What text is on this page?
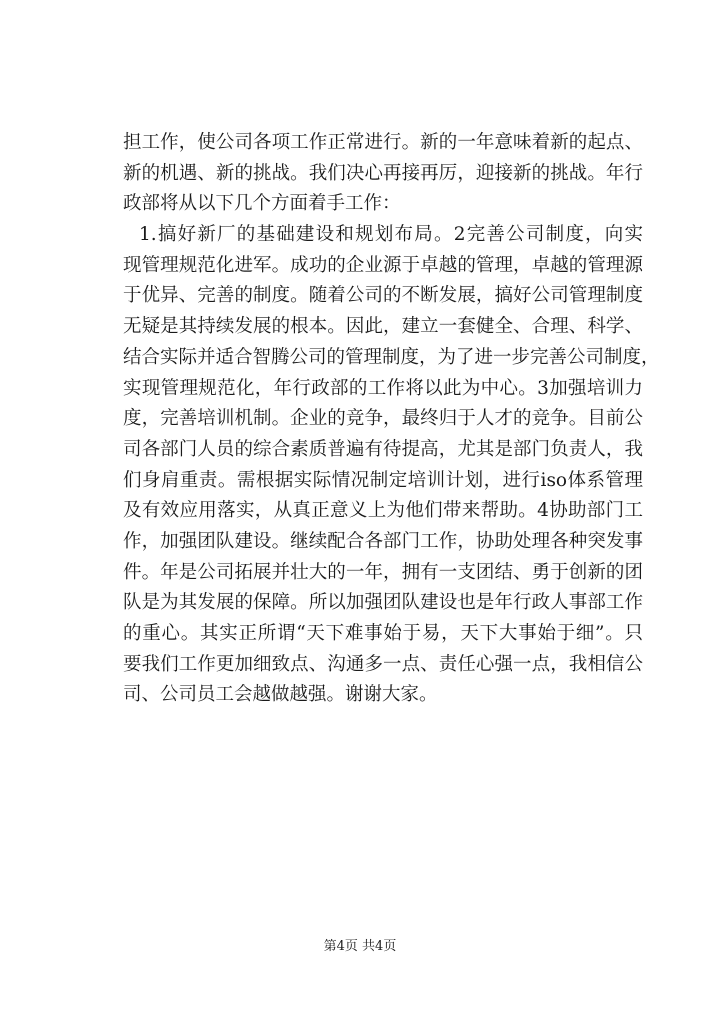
担工作，使公司各项工作正常进行。新的一年意味着新的起点、
新的机遇、新的挑战。我们决心再接再厉，迎接新的挑战。年行
政部将从以下几个方面着手工作：
1.搞好新厂的基础建设和规划布局。2完善公司制度，向实
现管理规范化进军。成功的企业源于卓越的管理，卓越的管理源
于优异、完善的制度。随着公司的不断发展，搞好公司管理制度
无疑是其持续发展的根本。因此，建立一套健全、合理、科学、
结合实际并适合智腾公司的管理制度，为了进一步完善公司制度，
实现管理规范化，年行政部的工作将以此为中心。3加强培训力
度，完善培训机制。企业的竞争，最终归于人才的竞争。目前公
司各部门人员的综合素质普遍有待提高，尤其是部门负责人，我
们身肩重责。需根据实际情况制定培训计划，进行iso体系管理
及有效应用落实，从真正意义上为他们带来帮助。4协助部门工
作，加强团队建设。继续配合各部门工作，协助处理各种突发事
件。年是公司拓展并壮大的一年，拥有一支团结、勇于创新的团
队是为其发展的保障。所以加强团队建设也是年行政人事部工作
的重心。其实正所谓“天下难事始于易，天下大事始于细”。只
要我们工作更加细致点、沟通多一点、责任心强一点，我相信公
司、公司员工会越做越强。谢谢大家。
第4页 共4页
